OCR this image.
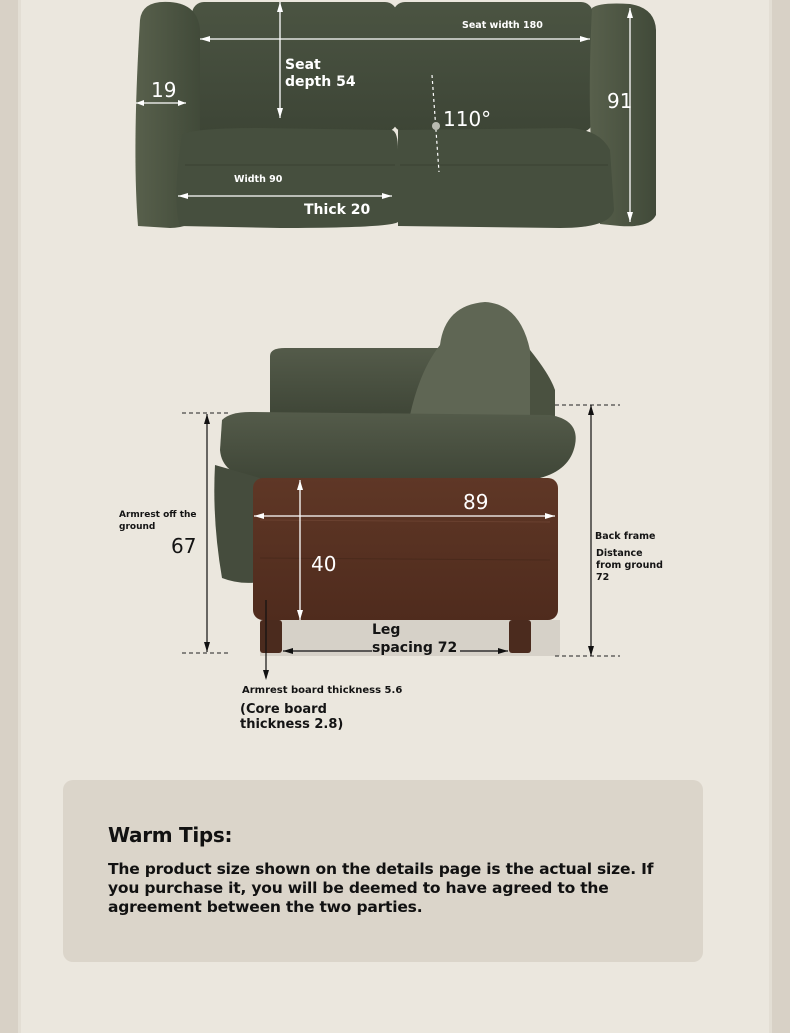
Seat width 180
Seat
depth 54
19	91
110°
Width 90
Thick 20
Armrest off the
ground
67
89
40
Leg
spacing 72
Back frame
Distance
from ground
72
Armrest board thickness 5.6
(Core board
thickness 2.8)
Warm Tips:
The product size shown on the details page is the actual size. If you purchase it, you will be deemed to have agreed to the agreement between the two parties.
